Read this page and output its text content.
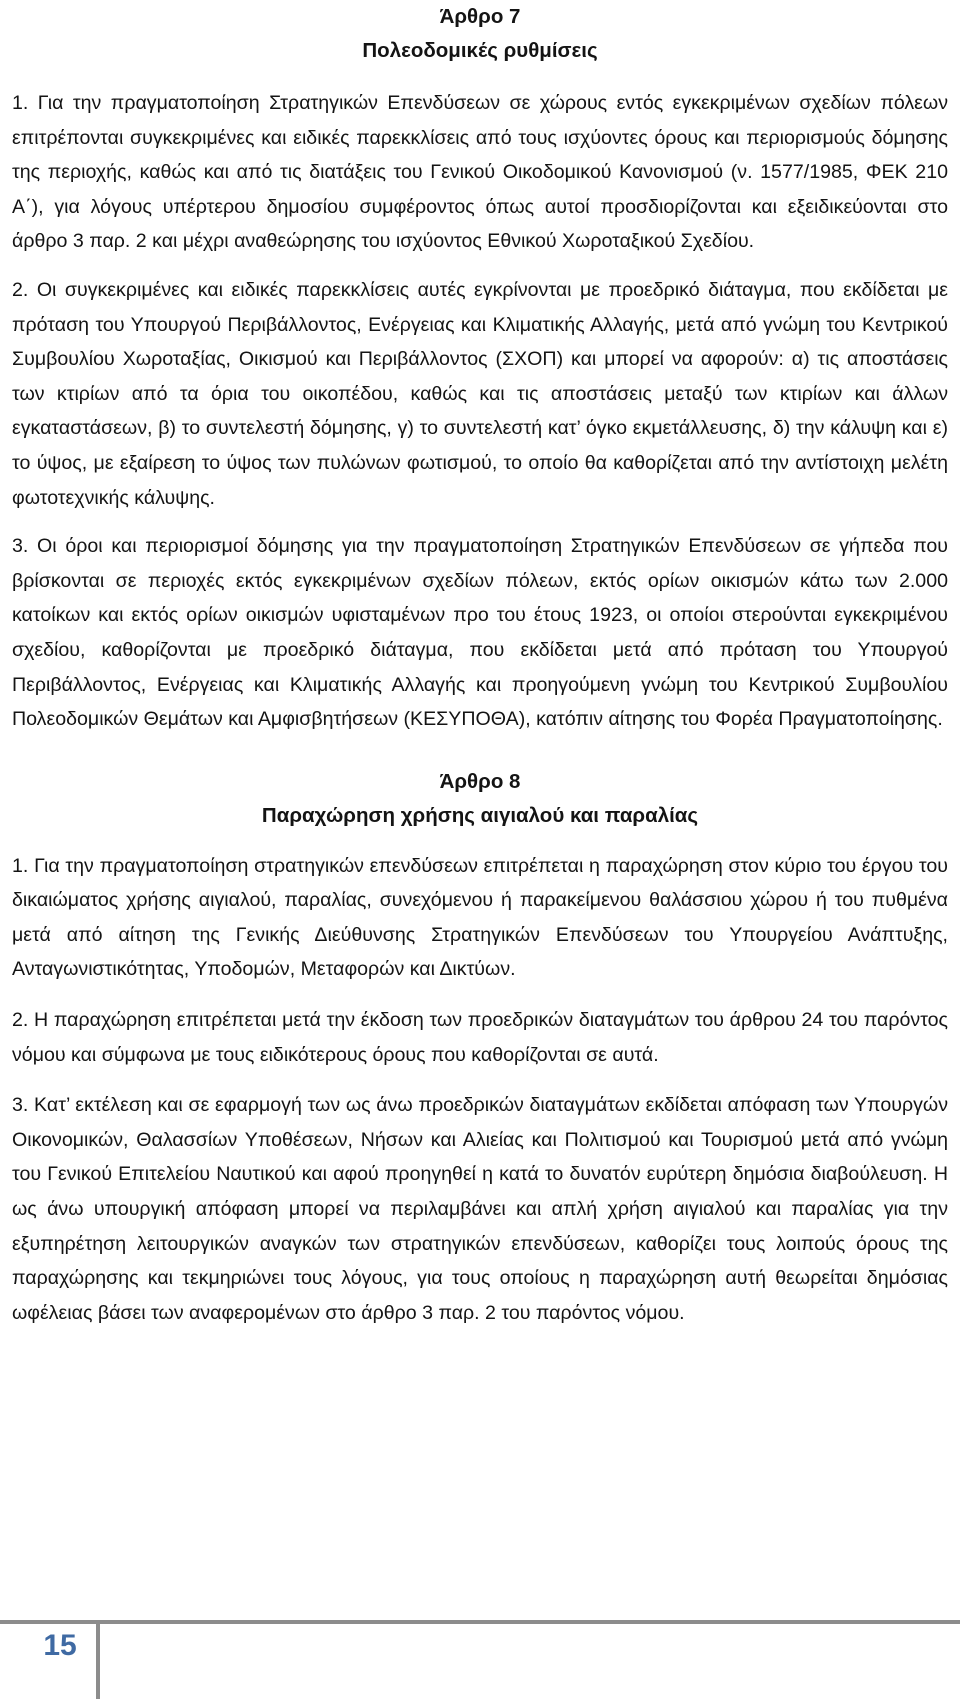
Άρθρο 7
Πολεοδομικές ρυθμίσεις

1. Για την πραγματοποίηση Στρατηγικών Επενδύσεων σε χώρους εντός εγκεκριμένων σχεδίων πόλεων επιτρέπονται συγκεκριμένες και ειδικές παρεκκλίσεις από τους ισχύοντες όρους και περιορισμούς δόμησης της περιοχής, καθώς και από τις διατάξεις του Γενικού Οικοδομικού Κανονισμού (ν. 1577/1985, ΦΕΚ 210 Α΄), για λόγους υπέρτερου δημοσίου συμφέροντος όπως αυτοί προσδιορίζονται και εξειδικεύονται στο άρθρο 3 παρ. 2 και μέχρι αναθεώρησης του ισχύοντος Εθνικού Χωροταξικού Σχεδίου.

2. Οι συγκεκριμένες και ειδικές παρεκκλίσεις αυτές εγκρίνονται με προεδρικό διάταγμα, που εκδίδεται με πρόταση του Υπουργού Περιβάλλοντος, Ενέργειας και Κλιματικής Αλλαγής, μετά από γνώμη του Κεντρικού Συμβουλίου Χωροταξίας, Οικισμού και Περιβάλλοντος (ΣΧΟΠ) και μπορεί να αφορούν: α) τις αποστάσεις των κτιρίων από τα όρια του οικοπέδου, καθώς και τις αποστάσεις μεταξύ των κτιρίων και άλλων εγκαταστάσεων, β) το συντελεστή δόμησης, γ) το συντελεστή κατ’ όγκο εκμετάλλευσης, δ) την κάλυψη και ε) το ύψος, με εξαίρεση το ύψος των πυλώνων φωτισμού, το οποίο θα καθορίζεται από την αντίστοιχη μελέτη φωτοτεχνικής κάλυψης.

3. Οι όροι και περιορισμοί δόμησης για την πραγματοποίηση Στρατηγικών Επενδύσεων σε γήπεδα που βρίσκονται σε περιοχές εκτός εγκεκριμένων σχεδίων πόλεων, εκτός ορίων οικισμών κάτω των 2.000 κατοίκων και εκτός ορίων οικισμών υφισταμένων προ του έτους 1923, οι οποίοι στερούνται εγκεκριμένου σχεδίου, καθορίζονται με προεδρικό διάταγμα, που εκδίδεται μετά από πρόταση του Υπουργού Περιβάλλοντος, Ενέργειας και Κλιματικής Αλλαγής και προηγούμενη γνώμη του Κεντρικού Συμβουλίου Πολεοδομικών Θεμάτων και Αμφισβητήσεων (ΚΕΣΥΠΟΘΑ), κατόπιν αίτησης του Φορέα Πραγματοποίησης.

Άρθρο 8
Παραχώρηση χρήσης αιγιαλού και παραλίας

1. Για την πραγματοποίηση στρατηγικών επενδύσεων επιτρέπεται η παραχώρηση στον κύριο του έργου του δικαιώματος χρήσης αιγιαλού, παραλίας, συνεχόμενου ή παρακείμενου θαλάσσιου χώρου ή του πυθμένα μετά από αίτηση της Γενικής Διεύθυνσης Στρατηγικών Επενδύσεων του Υπουργείου Ανάπτυξης, Ανταγωνιστικότητας, Υποδομών, Μεταφορών και Δικτύων.

2. Η παραχώρηση επιτρέπεται μετά την έκδοση των προεδρικών διαταγμάτων του άρθρου 24 του παρόντος νόμου και σύμφωνα με τους ειδικότερους όρους που καθορίζονται σε αυτά.

3. Κατ’ εκτέλεση και σε εφαρμογή των ως άνω προεδρικών διαταγμάτων εκδίδεται απόφαση των Υπουργών Οικονομικών, Θαλασσίων Υποθέσεων, Νήσων και Αλιείας και Πολιτισμού και Τουρισμού μετά από γνώμη του Γενικού Επιτελείου Ναυτικού και αφού προηγηθεί η κατά το δυνατόν ευρύτερη δημόσια διαβούλευση. Η ως άνω υπουργική απόφαση μπορεί να περιλαμβάνει και απλή χρήση αιγιαλού και παραλίας για την εξυπηρέτηση λειτουργικών αναγκών των στρατηγικών επενδύσεων, καθορίζει τους λοιπούς όρους της παραχώρησης και τεκμηριώνει τους λόγους, για τους οποίους η παραχώρηση αυτή θεωρείται δημόσιας ωφέλειας βάσει των αναφερομένων στο άρθρο 3 παρ. 2 του παρόντος νόμου.

15
